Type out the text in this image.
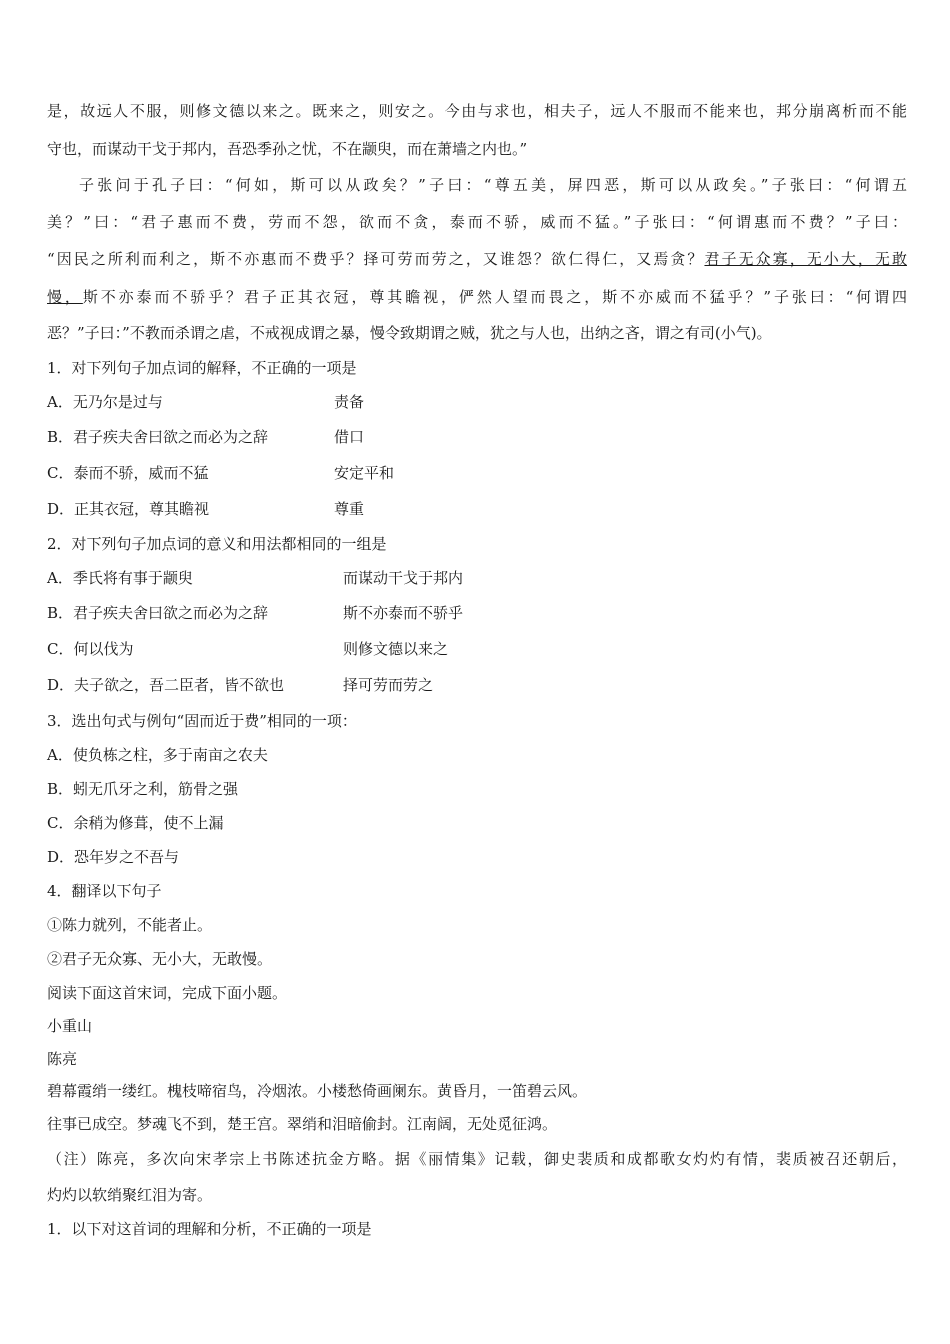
是，故远人不服，则修文德以来之。既来之，则安之。今由与求也，相夫子，远人不服而不能来也，邦分崩离析而不能
守也，而谋动干戈于邦内，吾恐季孙之忧，不在颛臾，而在萧墙之内也。”
子张问于孔子曰：“何如，斯可以从政矣？”子曰：“尊五美，屏四恶，斯可以从政矣。”子张曰：“何谓五
美？”曰：“君子惠而不费，劳而不怨，欲而不贪，泰而不骄，威而不猛。”子张曰：“何谓惠而不费？”子曰：
“因民之所利而利之，斯不亦惠而不费乎？择可劳而劳之，又谁怨？欲仁得仁，又焉贪？君子无众寡，无小大，无敢
慢，斯不亦泰而不骄乎？君子正其衣冠，尊其瞻视，俨然人望而畏之，斯不亦威而不猛乎？”子张曰：“何谓四
恶？”子曰：”不教而杀谓之虐，不戒视成谓之暴，慢令致期谓之贼，犹之与人也，出纳之吝，谓之有司(小气)。
1．对下列句子加点词的解释，不正确的一项是
A．无乃尔是过与	责备
B．君子疾夫舍曰欲之而必为之辞	借口
C．泰而不骄，威而不猛	安定平和
D．正其衣冠，尊其瞻视	尊重
2．对下列句子加点词的意义和用法都相同的一组是
A．季氏将有事于颛臾	而谋动干戈于邦内
B．君子疾夫舍曰欲之而必为之辞	斯不亦泰而不骄乎
C．何以伐为	则修文德以来之
D．夫子欲之，吾二臣者，皆不欲也	择可劳而劳之
3．选出句式与例句“固而近于费”相同的一项：
A．使负栋之柱，多于南亩之农夫
B．蚓无爪牙之利，筋骨之强
C．余稍为修葺，使不上漏
D．恐年岁之不吾与
4．翻译以下句子
①陈力就列，不能者止。
②君子无众寡、无小大，无敢慢。
阅读下面这首宋词，完成下面小题。
小重山
陈亮
碧幕霞绡一缕红。槐枝啼宿鸟，冷烟浓。小楼愁倚画阑东。黄昏月，一笛碧云风。
往事已成空。梦魂飞不到，楚王宫。翠绡和泪暗偷封。江南阔，无处觅征鸿。
（注）陈亮，多次向宋孝宗上书陈述抗金方略。据《丽情集》记载，御史裴质和成都歌女灼灼有情，裴质被召还朝后，
灼灼以软绡聚红泪为寄。
1．以下对这首词的理解和分析，不正确的一项是
